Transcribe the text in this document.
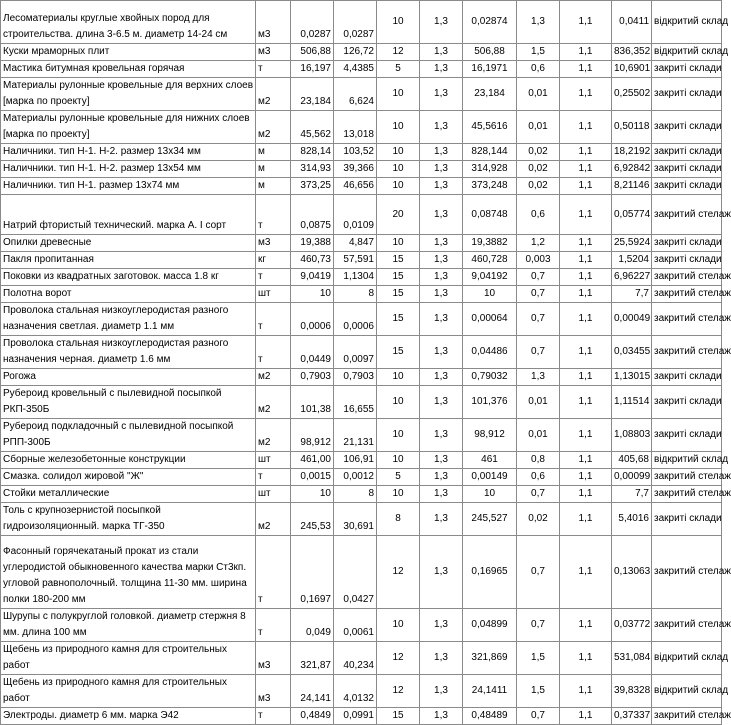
Лесоматериалы круглые хвойных пород для строительства. длина 3-6.5 м. диаметр 14-24 см	м3	0,0287	0,0287	10	1,3	0,02874	1,3	1,1	0,0411	відкритий склад
Куски мраморных плит	м3	506,88	126,72	12	1,3	506,88	1,5	1,1	836,352	відкритий склад
Мастика битумная кровельная горячая	т	16,197	4,4385	5	1,3	16,1971	0,6	1,1	10,6901	закриті склади
Материалы рулонные кровельные для верхних слоев [марка по проекту]	м2	23,184	6,624	10	1,3	23,184	0,01	1,1	0,25502	закриті склади
Материалы рулонные кровельные для нижних слоев [марка по проекту]	м2	45,562	13,018	10	1,3	45,5616	0,01	1,1	0,50118	закриті склади
Наличники. тип Н-1. Н-2. размер 13х34 мм	м	828,14	103,52	10	1,3	828,144	0,02	1,1	18,2192	закриті склади
Наличники. тип Н-1. Н-2. размер 13х54 мм	м	314,93	39,366	10	1,3	314,928	0,02	1,1	6,92842	закриті склади
Наличники. тип Н-1. размер 13х74 мм	м	373,25	46,656	10	1,3	373,248	0,02	1,1	8,21146	закриті склади
Натрий фтористый технический. марка А. I сорт	т	0,0875	0,0109	20	1,3	0,08748	0,6	1,1	0,05774	закритий стелаж
Опилки древесные	м3	19,388	4,847	10	1,3	19,3882	1,2	1,1	25,5924	закриті склади
Пакля пропитанная	кг	460,73	57,591	15	1,3	460,728	0,003	1,1	1,5204	закриті склади
Поковки из квадратных заготовок. масса 1.8 кг	т	9,0419	1,1304	15	1,3	9,04192	0,7	1,1	6,96227	закритий стелаж
Полотна ворот	шт	10	8	15	1,3	10	0,7	1,1	7,7	закритий стелаж
Проволока стальная низкоуглеродистая разного назначения светлая. диаметр 1.1 мм	т	0,0006	0,0006	15	1,3	0,00064	0,7	1,1	0,00049	закритий стелаж
Проволока стальная низкоуглеродистая разного назначения черная. диаметр 1.6 мм	т	0,0449	0,0097	15	1,3	0,04486	0,7	1,1	0,03455	закритий стелаж
Рогожа	м2	0,7903	0,7903	10	1,3	0,79032	1,3	1,1	1,13015	закриті склади
Рубероид кровельный с пылевидной посыпкой РКП-350Б	м2	101,38	16,655	10	1,3	101,376	0,01	1,1	1,11514	закриті склади
Рубероид подкладочный с пылевидной посыпкой РПП-300Б	м2	98,912	21,131	10	1,3	98,912	0,01	1,1	1,08803	закриті склади
Сборные железобетонные конструкции	шт	461,00	106,91	10	1,3	461	0,8	1,1	405,68	відкритий склад
Смазка. солидол жировой "Ж"	т	0,0015	0,0012	5	1,3	0,00149	0,6	1,1	0,00099	закритий стелаж
Стойки металлические	шт	10	8	10	1,3	10	0,7	1,1	7,7	закритий стелаж
Толь с крупнозернистой посыпкой гидроизоляционный. марка ТГ-350	м2	245,53	30,691	8	1,3	245,527	0,02	1,1	5,4016	закриті склади
Фасонный горячекатаный прокат из стали углеродистой обыкновенного качества марки Ст3кп. угловой равнополочный. толщина 11-30 мм. ширина полки 180-200 мм	т	0,1697	0,0427	12	1,3	0,16965	0,7	1,1	0,13063	закритий стелаж
Шурупы с полукруглой головкой. диаметр стержня 8 мм. длина 100 мм	т	0,049	0,0061	10	1,3	0,04899	0,7	1,1	0,03772	закритий стелаж
Щебень из природного камня для строительных работ	м3	321,87	40,234	12	1,3	321,869	1,5	1,1	531,084	відкритий склад
Щебень из природного камня для строительных работ	м3	24,141	4,0132	12	1,3	24,1411	1,5	1,1	39,8328	відкритий склад
Электроды. диаметр 6 мм. марка Э42	т	0,4849	0,0991	15	1,3	0,48489	0,7	1,1	0,37337	закритий стелаж
